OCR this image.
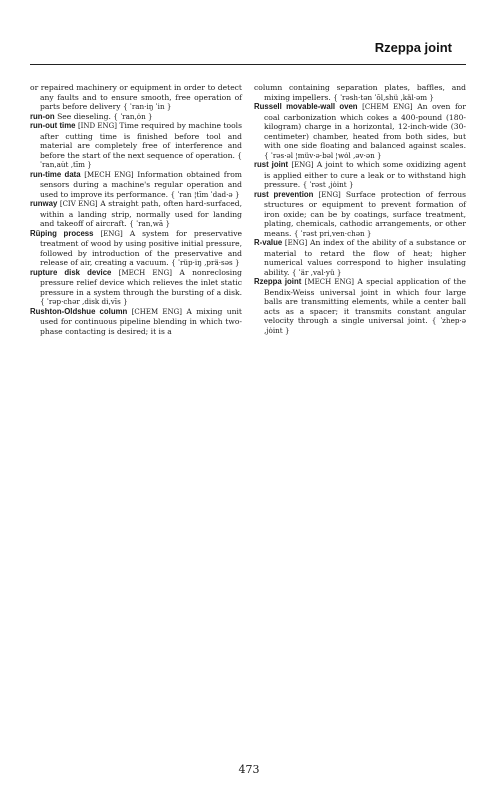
Rzeppa joint

or repaired machinery or equipment in order to detect any faults and to ensure smooth, free operation of parts before delivery { ˈran·iŋ ˈin }

run-on See dieseling. { ˈran‚ȯn }

run-out time [IND ENG] Time required by machine tools after cutting time is finished before tool and material are completely free of interference and before the start of the next sequence of operation. { ˈran‚au̇t ‚tīm }

run-time data [MECH ENG] Information obtained from sensors during a machine's regular operation and used to improve its performance. { ˈran ¦tīm ˈdad·ə }

runway [CIV ENG] A straight path, often hard-surfaced, within a landing strip, normally used for landing and takeoff of aircraft. { ˈran‚wā }

Rüping process [ENG] A system for preservative treatment of wood by using positive initial pressure, followed by introduction of the preservative and release of air, creating a vacuum. { ˈrüp·iŋ ‚prä·səs }

rupture disk device [MECH ENG] A nonreclosing pressure relief device which relieves the inlet static pressure in a system through the bursting of a disk. { ˈrəp·chər ‚disk di‚vīs }

Rushton-Oldshue column [CHEM ENG] A mixing unit used for continuous pipeline blending in which two-phase contacting is desired; it is a

column containing separation plates, baffles, and mixing impellers. { ˈrəsh·tən ˈōl‚shü ‚käl·əm }

Russell movable-wall oven [CHEM ENG] An oven for coal carbonization which cokes a 400-pound (180-kilogram) charge in a horizontal, 12-inch-wide (30-centimeter) chamber, heated from both sides, but with one side floating and balanced against scales. { ˈrəs·əl ¦müv·ə·bəl ¦wȯl ‚əv·ən }

rust joint [ENG] A joint to which some oxidizing agent is applied either to cure a leak or to withstand high pressure. { ˈrəst ‚jȯint }

rust prevention [ENG] Surface protection of ferrous structures or equipment to prevent formation of iron oxide; can be by coatings, surface treatment, plating, chemicals, cathodic arrangements, or other means. { ˈrəst pri‚ven·chən }

R-value [ENG] An index of the ability of a substance or material to retard the flow of heat; higher numerical values correspond to higher insulating ability. { ˈär ‚val·yü }

Rzeppa joint [MECH ENG] A special application of the Bendix-Weiss universal joint in which four large balls are transmitting elements, while a center ball acts as a spacer; it transmits constant angular velocity through a single universal joint. { ˈzhep·ə ‚jȯint }

473
